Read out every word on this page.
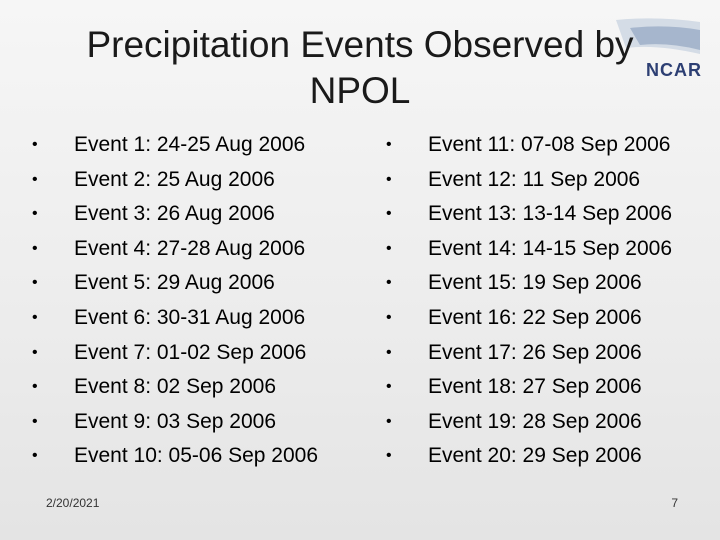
NCAR
Precipitation Events Observed by NPOL
•	Event 1: 24-25 Aug 2006
•	Event 2: 25 Aug 2006
•	Event 3: 26 Aug 2006
•	Event 4: 27-28 Aug 2006
•	Event 5: 29 Aug 2006
•	Event 6: 30-31 Aug 2006
•	Event 7: 01-02 Sep 2006
•	Event 8: 02 Sep 2006
•	Event 9: 03 Sep 2006
•	Event 10: 05-06 Sep 2006
•	Event 11: 07-08 Sep 2006
•	Event 12: 11 Sep 2006
•	Event 13: 13-14 Sep 2006
•	Event 14: 14-15 Sep 2006
•	Event 15: 19 Sep 2006
•	Event 16: 22 Sep 2006
•	Event 17: 26 Sep 2006
•	Event 18: 27 Sep 2006
•	Event 19: 28 Sep 2006
•	Event 20: 29 Sep 2006
2/20/2021	7
